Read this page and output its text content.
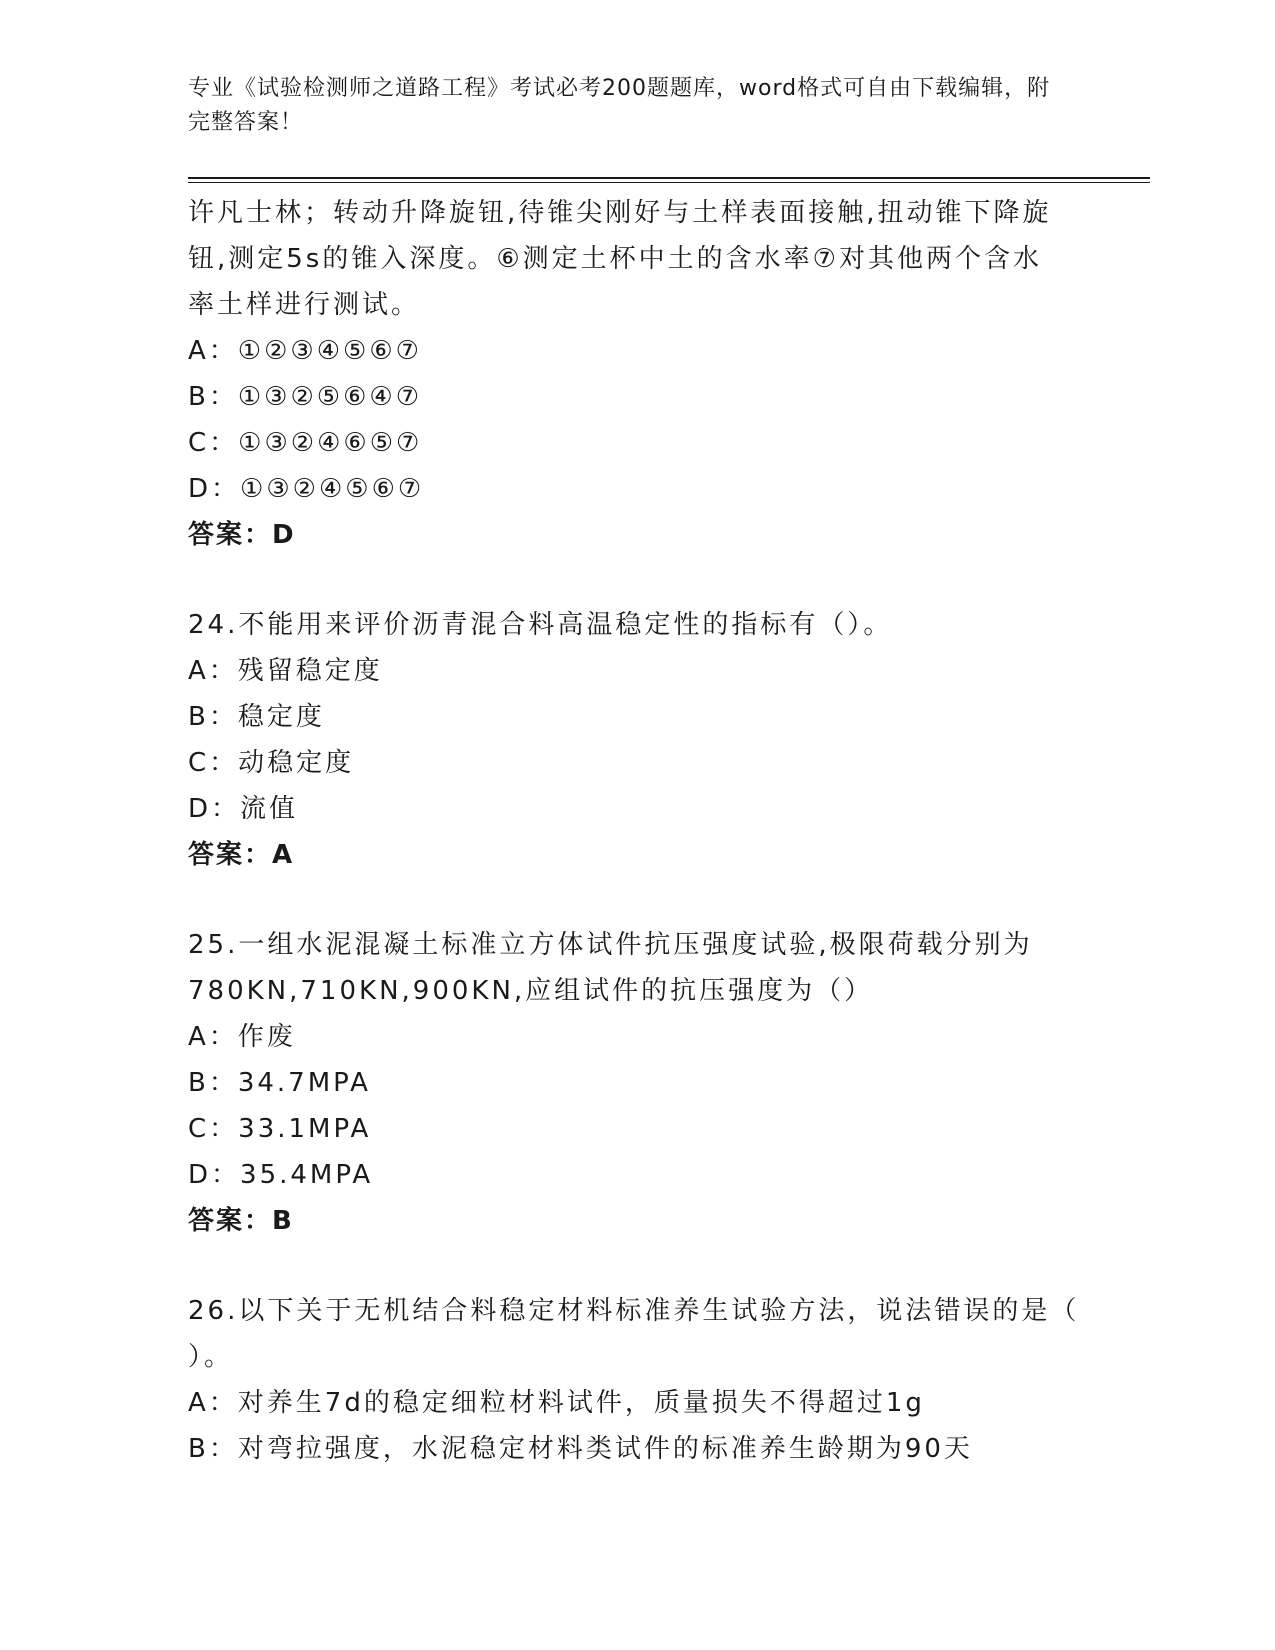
专业《试验检测师之道路工程》考试必考200题题库，word格式可自由下载编辑，附完整答案！
许凡士林；转动升降旋钮,待锥尖刚好与土样表面接触,扭动锥下降旋
钮,测定5s的锥入深度。⑥测定土杯中土的含水率⑦对其他两个含水
率土样进行测试。
A：①②③④⑤⑥⑦
B：①③②⑤⑥④⑦
C：①③②④⑥⑤⑦
D：①③②④⑤⑥⑦
答案：D
24.不能用来评价沥青混合料高温稳定性的指标有（）。
A：残留稳定度
B：稳定度
C：动稳定度
D：流值
答案：A
25.一组水泥混凝土标准立方体试件抗压强度试验,极限荷载分别为
780KN,710KN,900KN,应组试件的抗压强度为（）
A：作废
B：34.7MPA
C：33.1MPA
D：35.4MPA
答案：B
26.以下关于无机结合料稳定材料标准养生试验方法，说法错误的是（
）。
A：对养生7d的稳定细粒材料试件，质量损失不得超过1g
B：对弯拉强度，水泥稳定材料类试件的标准养生龄期为90天
